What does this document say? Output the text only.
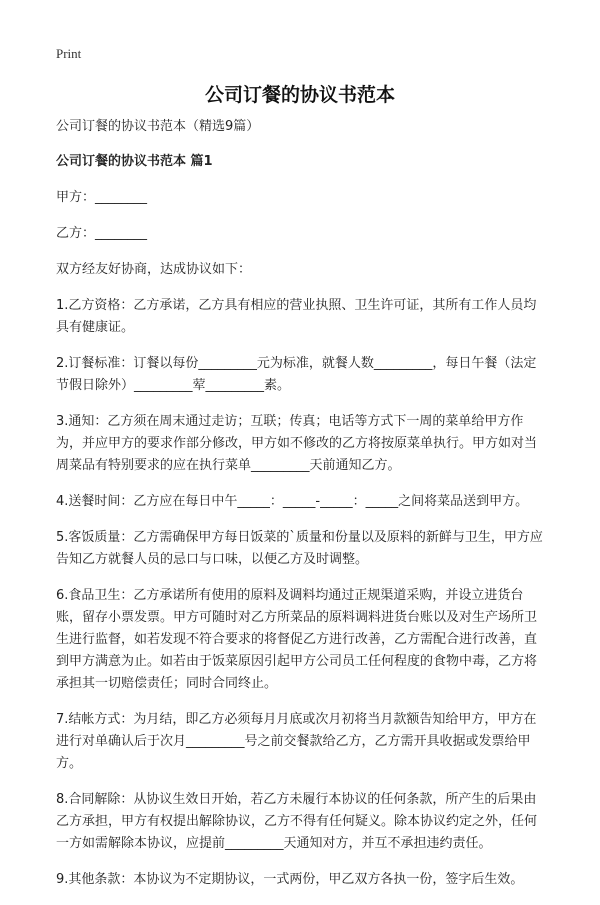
Print
公司订餐的协议书范本
公司订餐的协议书范本（精选9篇）
公司订餐的协议书范本 篇1
甲方：________
乙方：________
双方经友好协商，达成协议如下：
1.乙方资格：乙方承诺，乙方具有相应的营业执照、卫生许可证，其所有工作人员均具有健康证。
2.订餐标准：订餐以每份_________元为标准，就餐人数_________，每日午餐（法定节假日除外）_________荤_________素。
3.通知：乙方须在周末通过走访；互联；传真；电话等方式下一周的菜单给甲方作为，并应甲方的要求作部分修改，甲方如不修改的乙方将按原菜单执行。甲方如对当周菜品有特别要求的应在执行菜单_________天前通知乙方。
4.送餐时间：乙方应在每日中午_____：_____-_____：_____之间将菜品送到甲方。
5.客饭质量：乙方需确保甲方每日饭菜的`质量和份量以及原料的新鲜与卫生，甲方应告知乙方就餐人员的忌口与口味，以便乙方及时调整。
6.食品卫生：乙方承诺所有使用的原料及调料均通过正规渠道采购，并设立进货台账，留存小票发票。甲方可随时对乙方所菜品的原料调料进货台账以及对生产场所卫生进行监督，如若发现不符合要求的将督促乙方进行改善，乙方需配合进行改善，直到甲方满意为止。如若由于饭菜原因引起甲方公司员工任何程度的食物中毒，乙方将承担其一切赔偿责任；同时合同终止。
7.结帐方式：为月结，即乙方必须每月月底或次月初将当月款额告知给甲方，甲方在进行对单确认后于次月_________号之前交餐款给乙方，乙方需开具收据或发票给甲方。
8.合同解除：从协议生效日开始，若乙方未履行本协议的任何条款，所产生的后果由乙方承担，甲方有权提出解除协议，乙方不得有任何疑义。除本协议约定之外，任何一方如需解除本协议，应提前_________天通知对方，并互不承担违约责任。
9.其他条款：本协议为不定期协议，一式两份，甲乙双方各执一份，签字后生效。
